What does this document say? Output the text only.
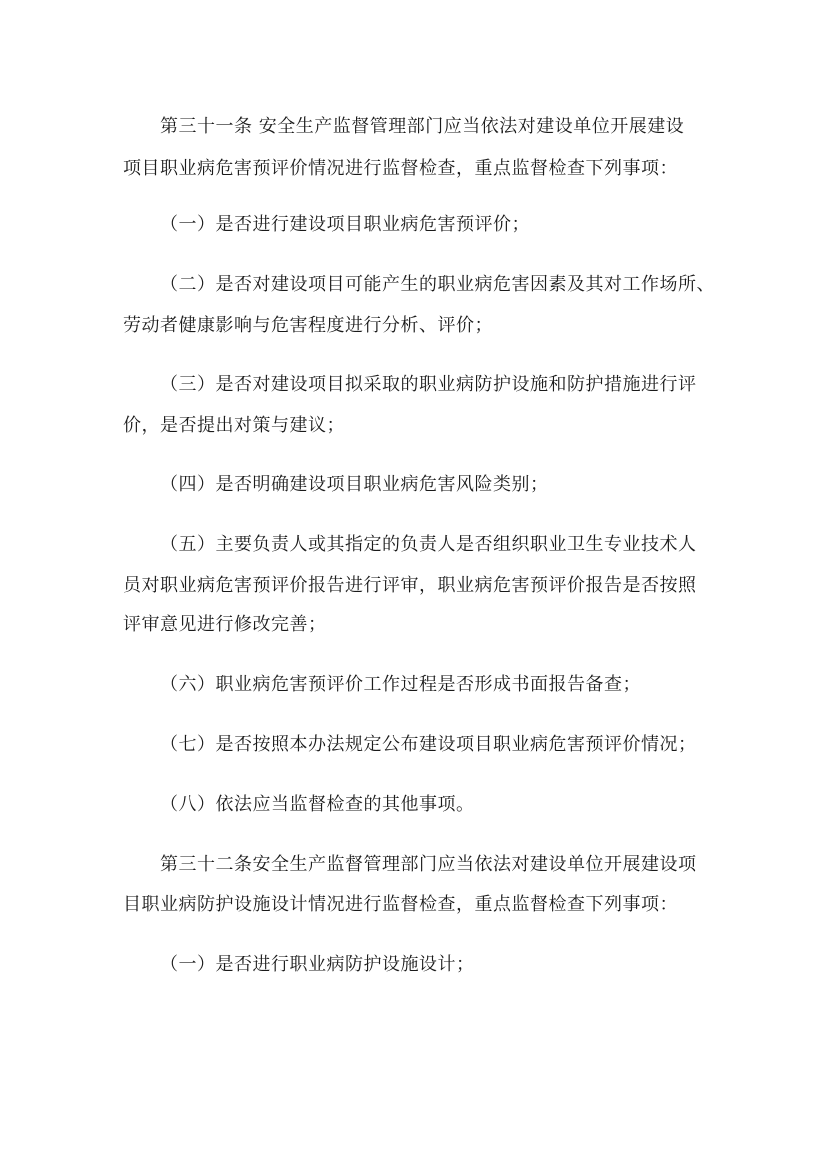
第三十一条 安全生产监督管理部门应当依法对建设单位开展建设
项目职业病危害预评价情况进行监督检查，重点监督检查下列事项：
（一）是否进行建设项目职业病危害预评价；
（二）是否对建设项目可能产生的职业病危害因素及其对工作场所、
劳动者健康影响与危害程度进行分析、评价；
（三）是否对建设项目拟采取的职业病防护设施和防护措施进行评
价，是否提出对策与建议；
（四）是否明确建设项目职业病危害风险类别；
（五）主要负责人或其指定的负责人是否组织职业卫生专业技术人
员对职业病危害预评价报告进行评审，职业病危害预评价报告是否按照
评审意见进行修改完善；
（六）职业病危害预评价工作过程是否形成书面报告备查；
（七）是否按照本办法规定公布建设项目职业病危害预评价情况；
（八）依法应当监督检查的其他事项。
第三十二条安全生产监督管理部门应当依法对建设单位开展建设项
目职业病防护设施设计情况进行监督检查，重点监督检查下列事项：
（一）是否进行职业病防护设施设计；
